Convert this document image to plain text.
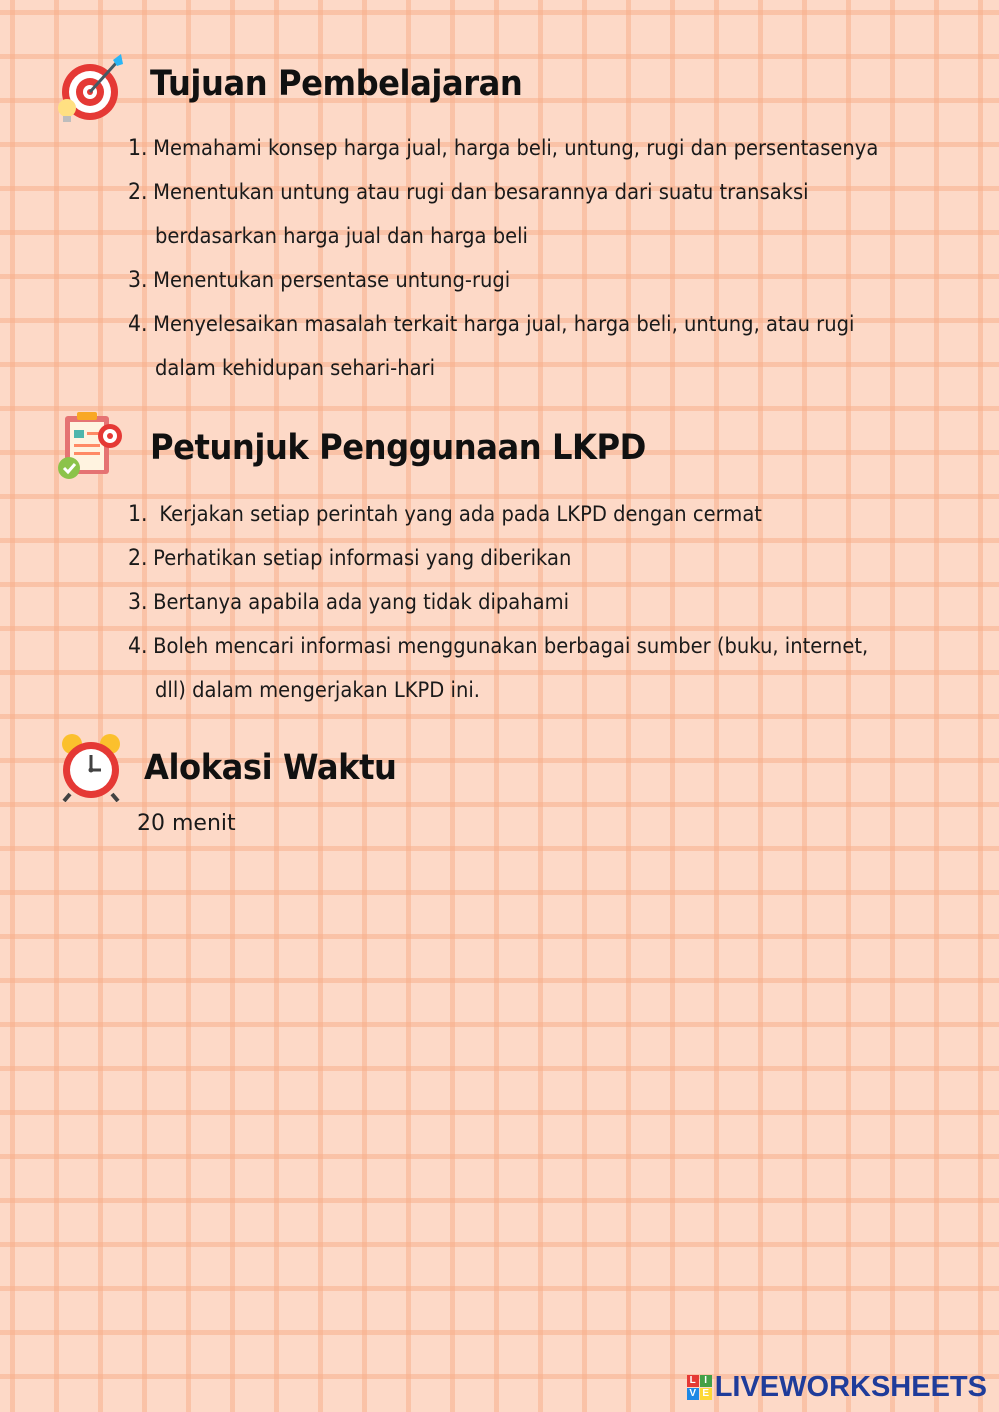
Tujuan Pembelajaran
1. Memahami konsep harga jual, harga beli, untung, rugi dan persentasenya
2. Menentukan untung atau rugi dan besarannya dari suatu transaksi
berdasarkan harga jual dan harga beli
3. Menentukan persentase untung-rugi
4. Menyelesaikan masalah terkait harga jual, harga beli, untung, atau rugi
dalam kehidupan sehari-hari
Petunjuk Penggunaan LKPD
1. Kerjakan setiap perintah yang ada pada LKPD dengan cermat
2. Perhatikan setiap informasi yang diberikan
3. Bertanya apabila ada yang tidak dipahami
4. Boleh mencari informasi menggunakan berbagai sumber (buku, internet,
dll) dalam mengerjakan LKPD ini.
Alokasi Waktu
20 menit
L I
V E LIVEWORKSHEETS
